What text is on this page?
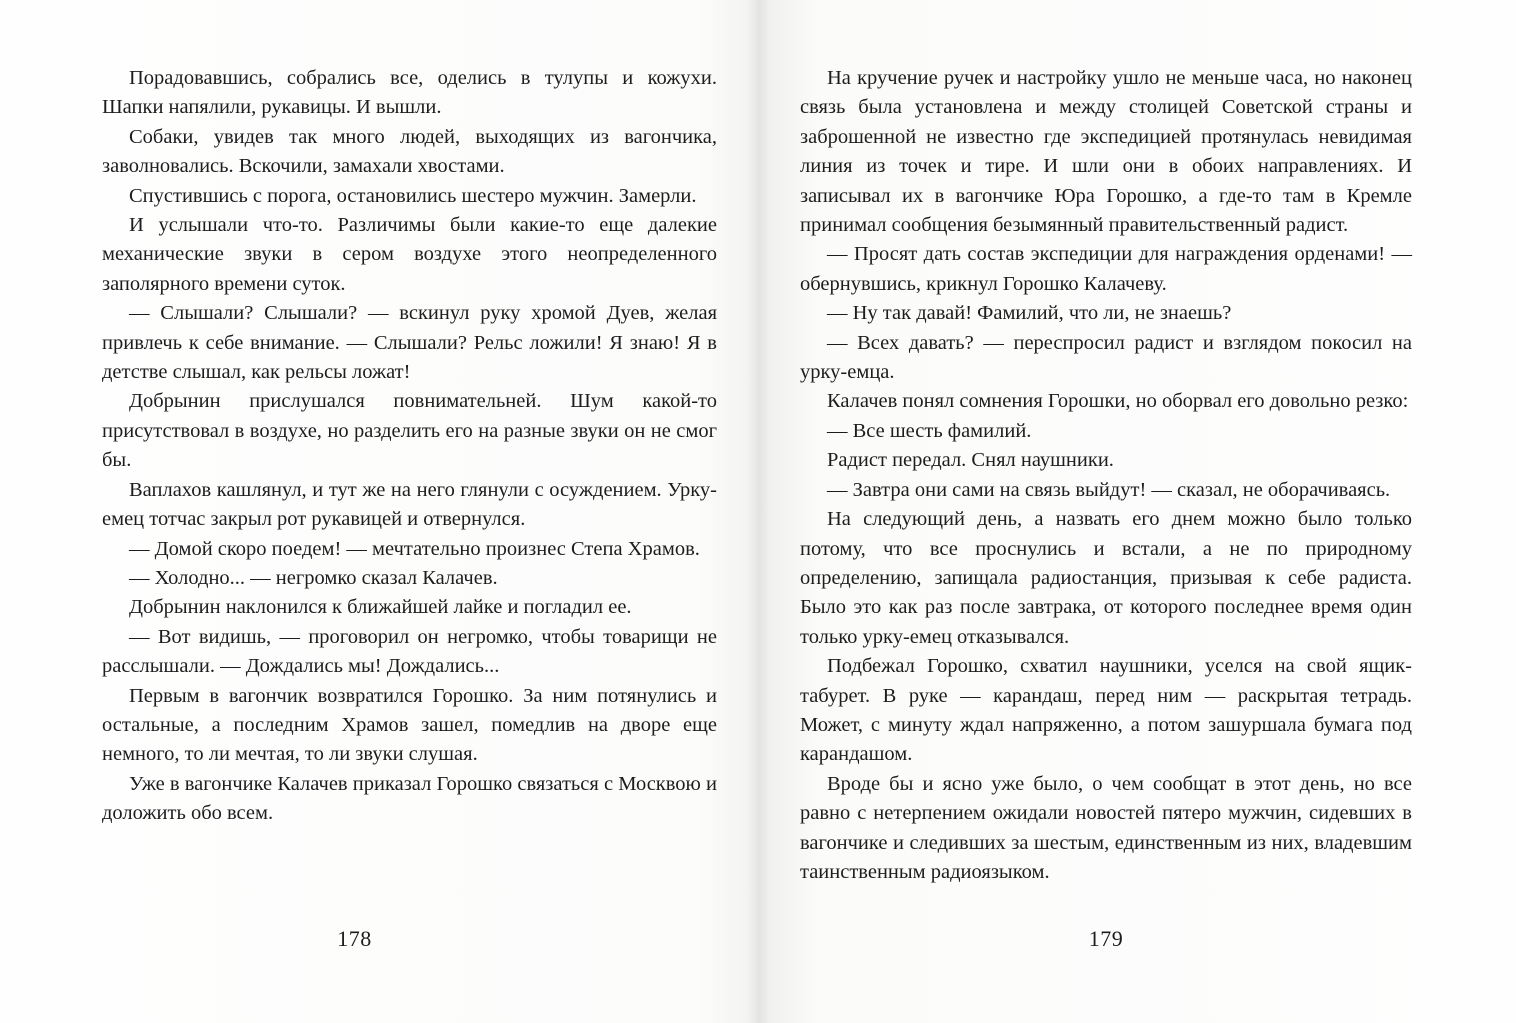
Порадовавшись, собрались все, оделись в тулупы и кожухи. Шапки напялили, рукавицы. И вышли.

Собаки, увидев так много людей, выходящих из вагончика, заволновались. Вскочили, замахали хвостами.

Спустившись с порога, остановились шестеро мужчин. Замерли.

И услышали что-то. Различимы были какие-то еще далекие механические звуки в сером воздухе этого неопределенного заполярного времени суток.

— Слышали? Слышали? — вскинул руку хромой Дуев, желая привлечь к себе внимание. — Слышали? Рельс ложили! Я знаю! Я в детстве слышал, как рельсы ложат!

Добрынин прислушался повнимательней. Шум какой-то присутствовал в воздухе, но разделить его на разные звуки он не смог бы.

Ваплахов кашлянул, и тут же на него глянули с осуждением. Урку-емец тотчас закрыл рот рукавицей и отвернулся.

— Домой скоро поедем! — мечтательно произнес Степа Храмов.

— Холодно... — негромко сказал Калачев.

Добрынин наклонился к ближайшей лайке и погладил ее.

— Вот видишь, — проговорил он негромко, чтобы товарищи не расслышали. — Дождались мы! Дождались...

Первым в вагончик возвратился Горошко. За ним потянулись и остальные, а последним Храмов зашел, помедлив на дворе еще немного, то ли мечтая, то ли звуки слушая.

Уже в вагончике Калачев приказал Горошко связаться с Москвою и доложить обо всем.

178

На кручение ручек и настройку ушло не меньше часа, но наконец связь была установлена и между столицей Советской страны и заброшенной не известно где экспедицией протянулась невидимая линия из точек и тире. И шли они в обоих направлениях. И записывал их в вагончике Юра Горошко, а где-то там в Кремле принимал сообщения безымянный правительственный радист.

— Просят дать состав экспедиции для награждения орденами! — обернувшись, крикнул Горошко Калачеву.

— Ну так давай! Фамилий, что ли, не знаешь?

— Всех давать? — переспросил радист и взглядом покосил на урку-емца.

Калачев понял сомнения Горошки, но оборвал его довольно резко:

— Все шесть фамилий.

Радист передал. Снял наушники.

— Завтра они сами на связь выйдут! — сказал, не оборачиваясь.

На следующий день, а назвать его днем можно было только потому, что все проснулись и встали, а не по природному определению, запищала радиостанция, призывая к себе радиста. Было это как раз после завтрака, от которого последнее время один только урку-емец отказывался.

Подбежал Горошко, схватил наушники, уселся на свой ящик-табурет. В руке — карандаш, перед ним — раскрытая тетрадь. Может, с минуту ждал напряженно, а потом зашуршала бумага под карандашом.

Вроде бы и ясно уже было, о чем сообщат в этот день, но все равно с нетерпением ожидали новостей пятеро мужчин, сидевших в вагончике и следивших за шестым, единственным из них, владевшим таинственным радиоязыком.

179
